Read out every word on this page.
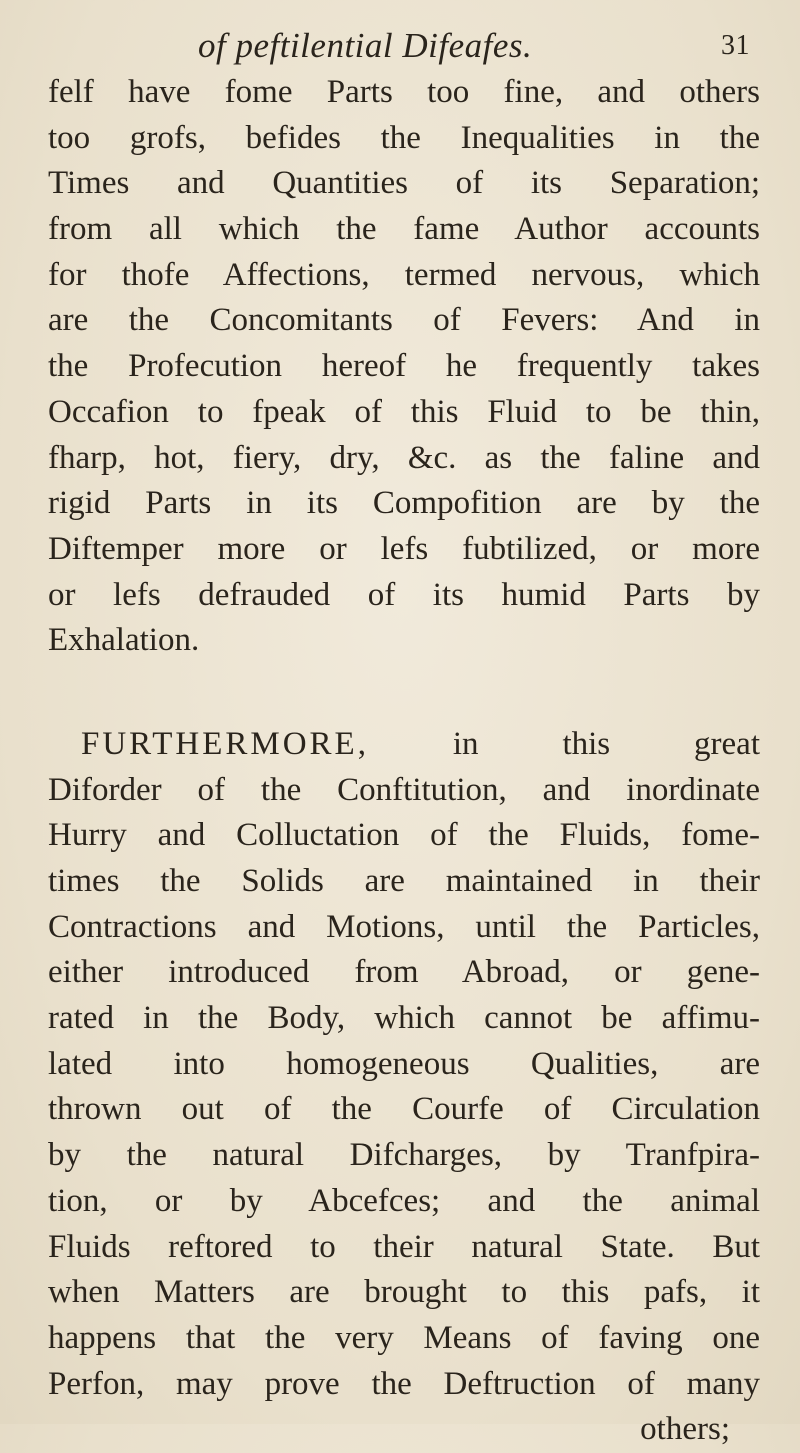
of peftilential Difeafes.	31

felf have fome Parts too fine, and others
too grofs, befides the Inequalities in the
Times and Quantities of its Separation;
from all which the fame Author accounts
for thofe Affections, termed nervous, which
are the Concomitants of Fevers: And in
the Profecution hereof he frequently takes
Occafion to fpeak of this Fluid to be thin,
fharp, hot, fiery, dry, &c. as the faline and
rigid Parts in its Compofition are by the
Diftemper more or lefs fubtilized, or more
or lefs defrauded of its humid Parts by
Exhalation.

 FURTHERMORE,	in this great
Diforder of the Conftitution, and inordinate
Hurry and Colluctation of the Fluids, fome-
times the Solids are maintained in their
Contractions and Motions, until the Particles,
either introduced from Abroad, or gene-
rated in the Body, which cannot be affimu-
lated into homogeneous Qualities, are
thrown out of the Courfe of Circulation
by the natural Difcharges, by Tranfpira-
tion, or by Abcefces; and the animal
Fluids reftored to their natural State. But
when Matters are brought to this pafs, it
happens that the very Means of faving one
Perfon, may prove the Deftruction of many
others;
